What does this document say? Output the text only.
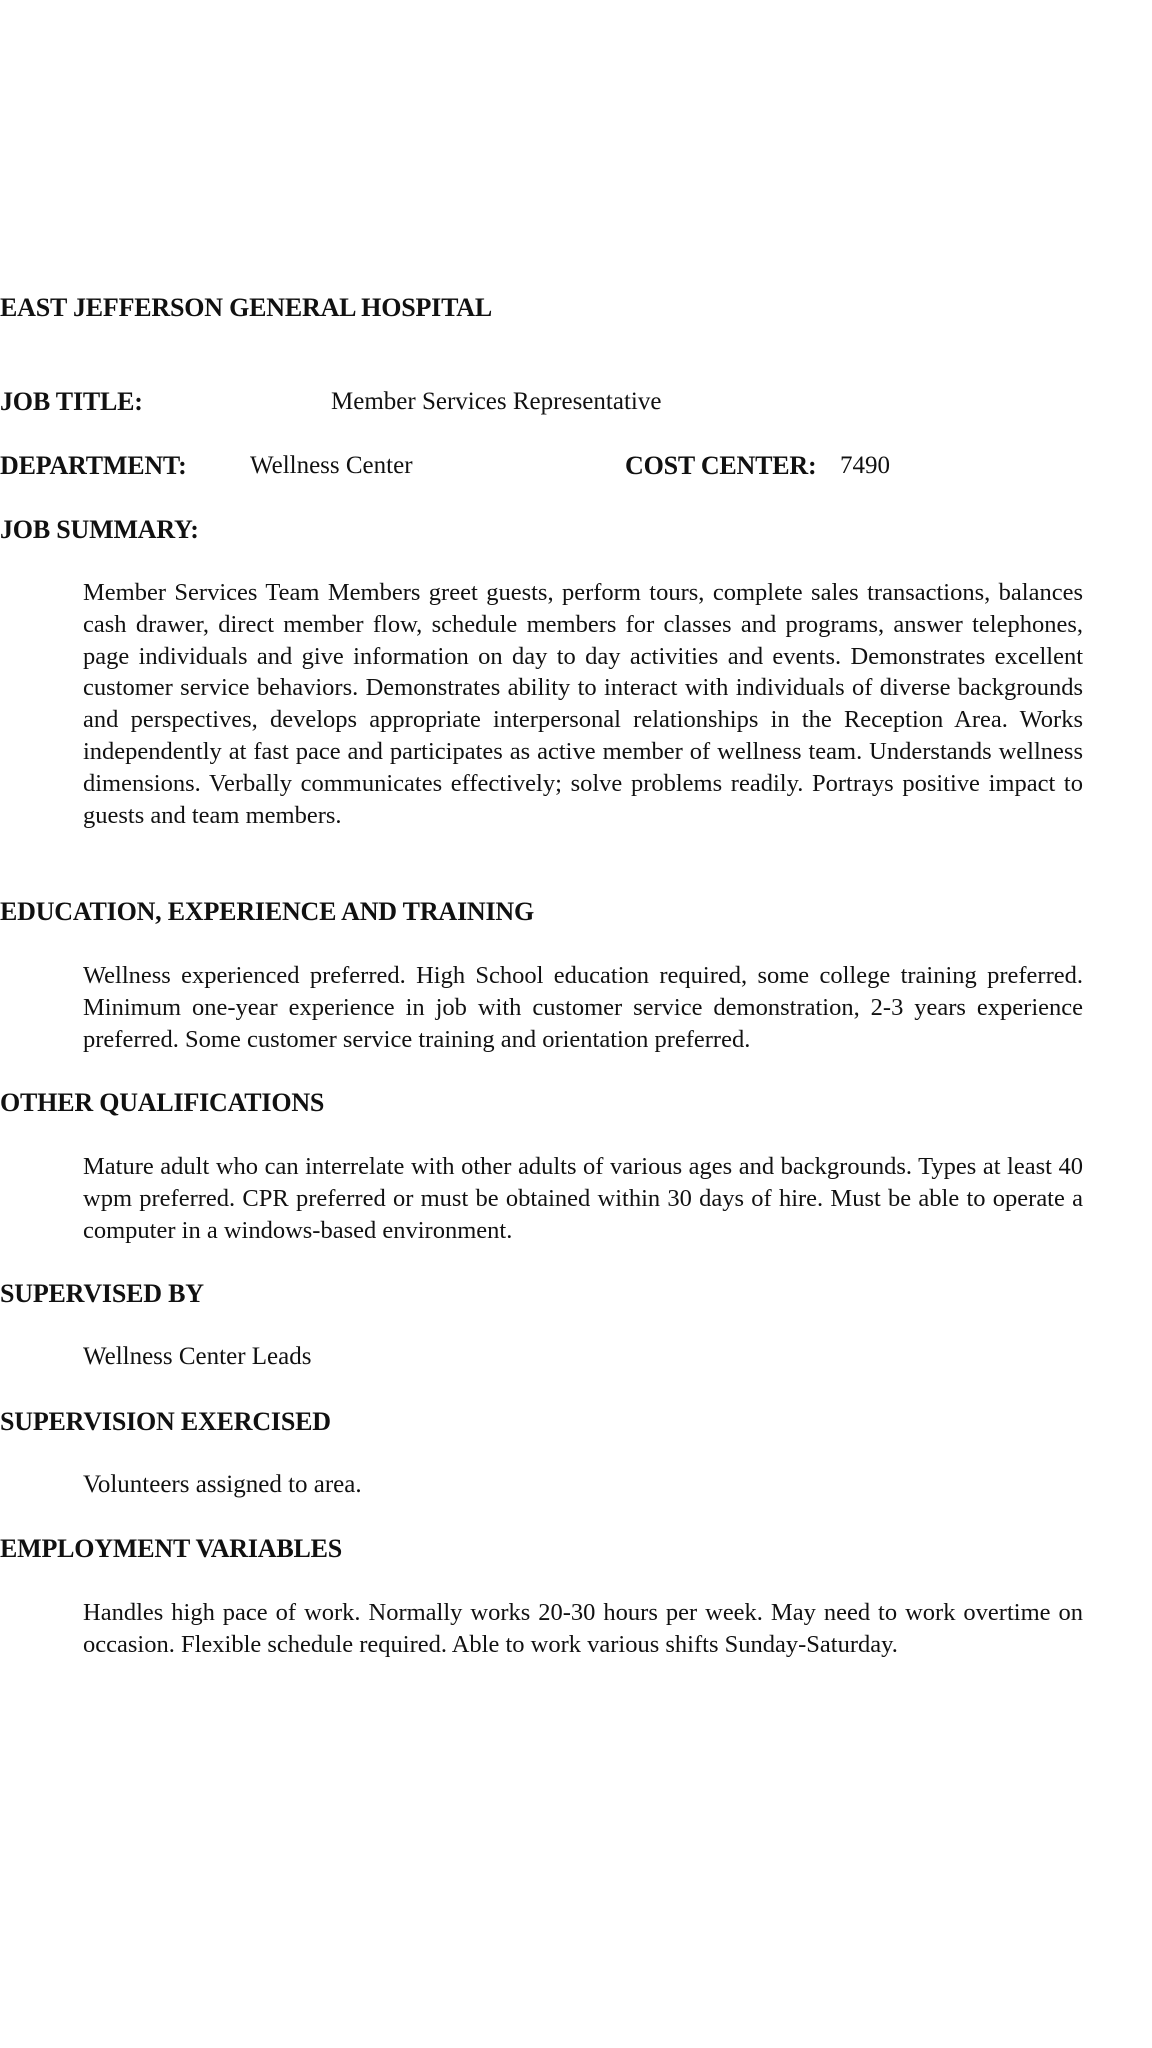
EAST JEFFERSON GENERAL HOSPITAL
JOB TITLE:	Member Services Representative
DEPARTMENT:	Wellness Center	COST CENTER: 7490
JOB SUMMARY:

Member Services Team Members greet guests, perform tours, complete sales transactions, balances cash drawer, direct member flow, schedule members for classes and programs, answer telephones, page individuals and give information on day to day activities and events. Demonstrates excellent customer service behaviors. Demonstrates ability to interact with individuals of diverse backgrounds and perspectives, develops appropriate interpersonal relationships in the Reception Area. Works independently at fast pace and participates as active member of wellness team. Understands wellness dimensions. Verbally communicates effectively; solve problems readily. Portrays positive impact to guests and team members.

EDUCATION, EXPERIENCE AND TRAINING

Wellness experienced preferred. High School education required, some college training preferred. Minimum one-year experience in job with customer service demonstration, 2-3 years experience preferred. Some customer service training and orientation preferred.

OTHER QUALIFICATIONS

Mature adult who can interrelate with other adults of various ages and backgrounds. Types at least 40 wpm preferred. CPR preferred or must be obtained within 30 days of hire. Must be able to operate a computer in a windows-based environment.

SUPERVISED BY
Wellness Center Leads
SUPERVISION EXERCISED
Volunteers assigned to area.
EMPLOYMENT VARIABLES

Handles high pace of work. Normally works 20-30 hours per week. May need to work overtime on occasion. Flexible schedule required. Able to work various shifts Sunday-Saturday.
